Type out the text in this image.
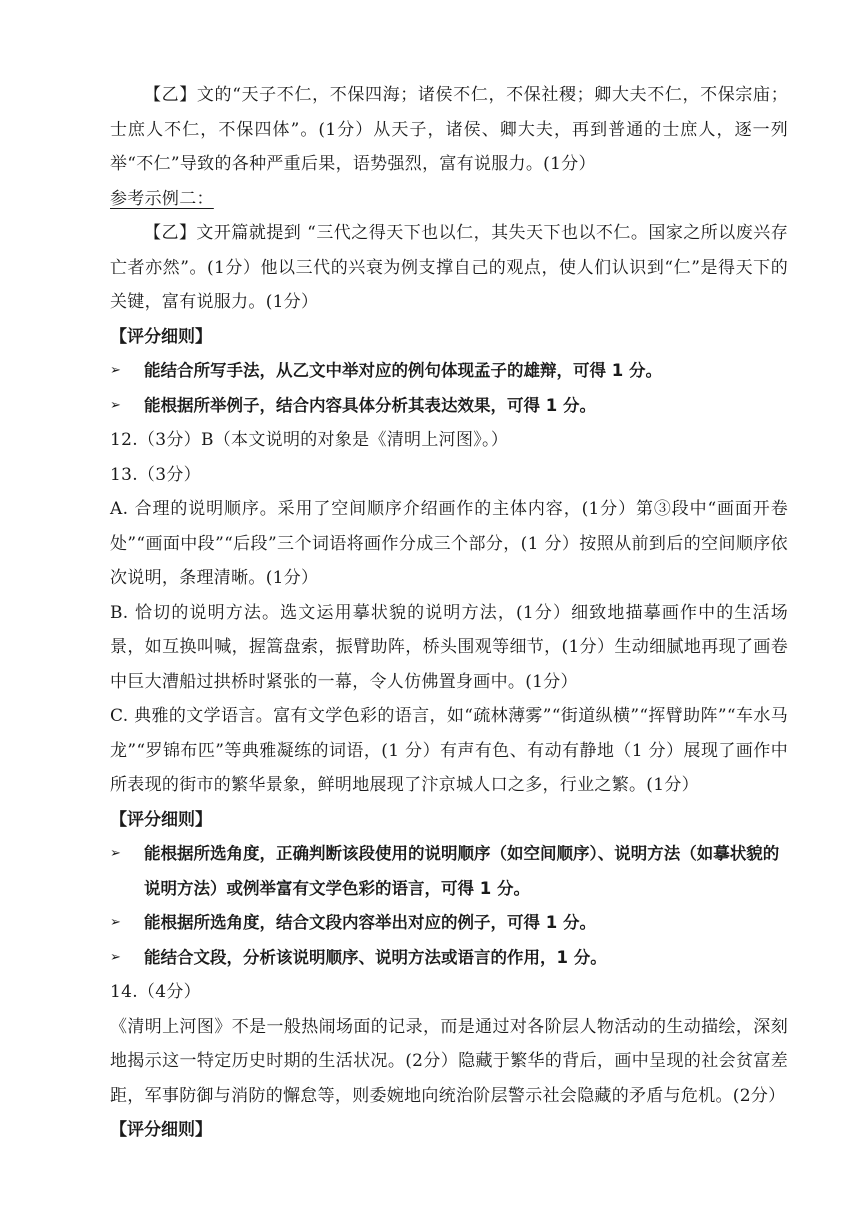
【乙】文的“天子不仁，不保四海；诸侯不仁，不保社稷；卿大夫不仁，不保宗庙；士庶人不仁，不保四体”。(1分）从天子，诸侯、卿大夫，再到普通的士庶人，逐一列举“不仁”导致的各种严重后果，语势强烈，富有说服力。(1分）

参考示例二：

【乙】文开篇就提到 “三代之得天下也以仁，其失天下也以不仁。国家之所以废兴存亡者亦然”。(1分）他以三代的兴衰为例支撑自己的观点，使人们认识到“仁”是得天下的关键，富有说服力。(1分）

【评分细则】

➢	能结合所写手法，从乙文中举对应的例句体现孟子的雄辩，可得 1 分。
➢	能根据所举例子，结合内容具体分析其表达效果，可得 1 分。

12.（3分）B（本文说明的对象是《清明上河图》。）

13.（3分）

A. 合理的说明顺序。采用了空间顺序介绍画作的主体内容，(1分）第③段中“画面开卷处”“画面中段”“后段”三个词语将画作分成三个部分，(1 分）按照从前到后的空间顺序依次说明，条理清晰。(1分）

B. 恰切的说明方法。选文运用摹状貌的说明方法，(1分）细致地描摹画作中的生活场景，如互换叫喊，握篙盘索，振臂助阵，桥头围观等细节，(1分）生动细腻地再现了画卷中巨大漕船过拱桥时紧张的一幕，令人仿佛置身画中。(1分）

C. 典雅的文学语言。富有文学色彩的语言，如“疏林薄雾”“街道纵横”“挥臂助阵”“车水马龙”“罗锦布匹”等典雅凝练的词语，(1 分）有声有色、有动有静地（1 分）展现了画作中所表现的街市的繁华景象，鲜明地展现了汴京城人口之多，行业之繁。(1分）

【评分细则】

➢	能根据所选角度，正确判断该段使用的说明顺序（如空间顺序）、说明方法（如摹状貌的说明方法）或例举富有文学色彩的语言，可得 1 分。
➢	能根据所选角度，结合文段内容举出对应的例子，可得 1 分。
➢	能结合文段，分析该说明顺序、说明方法或语言的作用，1 分。

14.（4分）

《清明上河图》不是一般热闹场面的记录，而是通过对各阶层人物活动的生动描绘，深刻地揭示这一特定历史时期的生活状况。(2分）隐藏于繁华的背后，画中呈现的社会贫富差距，军事防御与消防的懈怠等，则委婉地向统治阶层警示社会隐藏的矛盾与危机。(2分）

【评分细则】
